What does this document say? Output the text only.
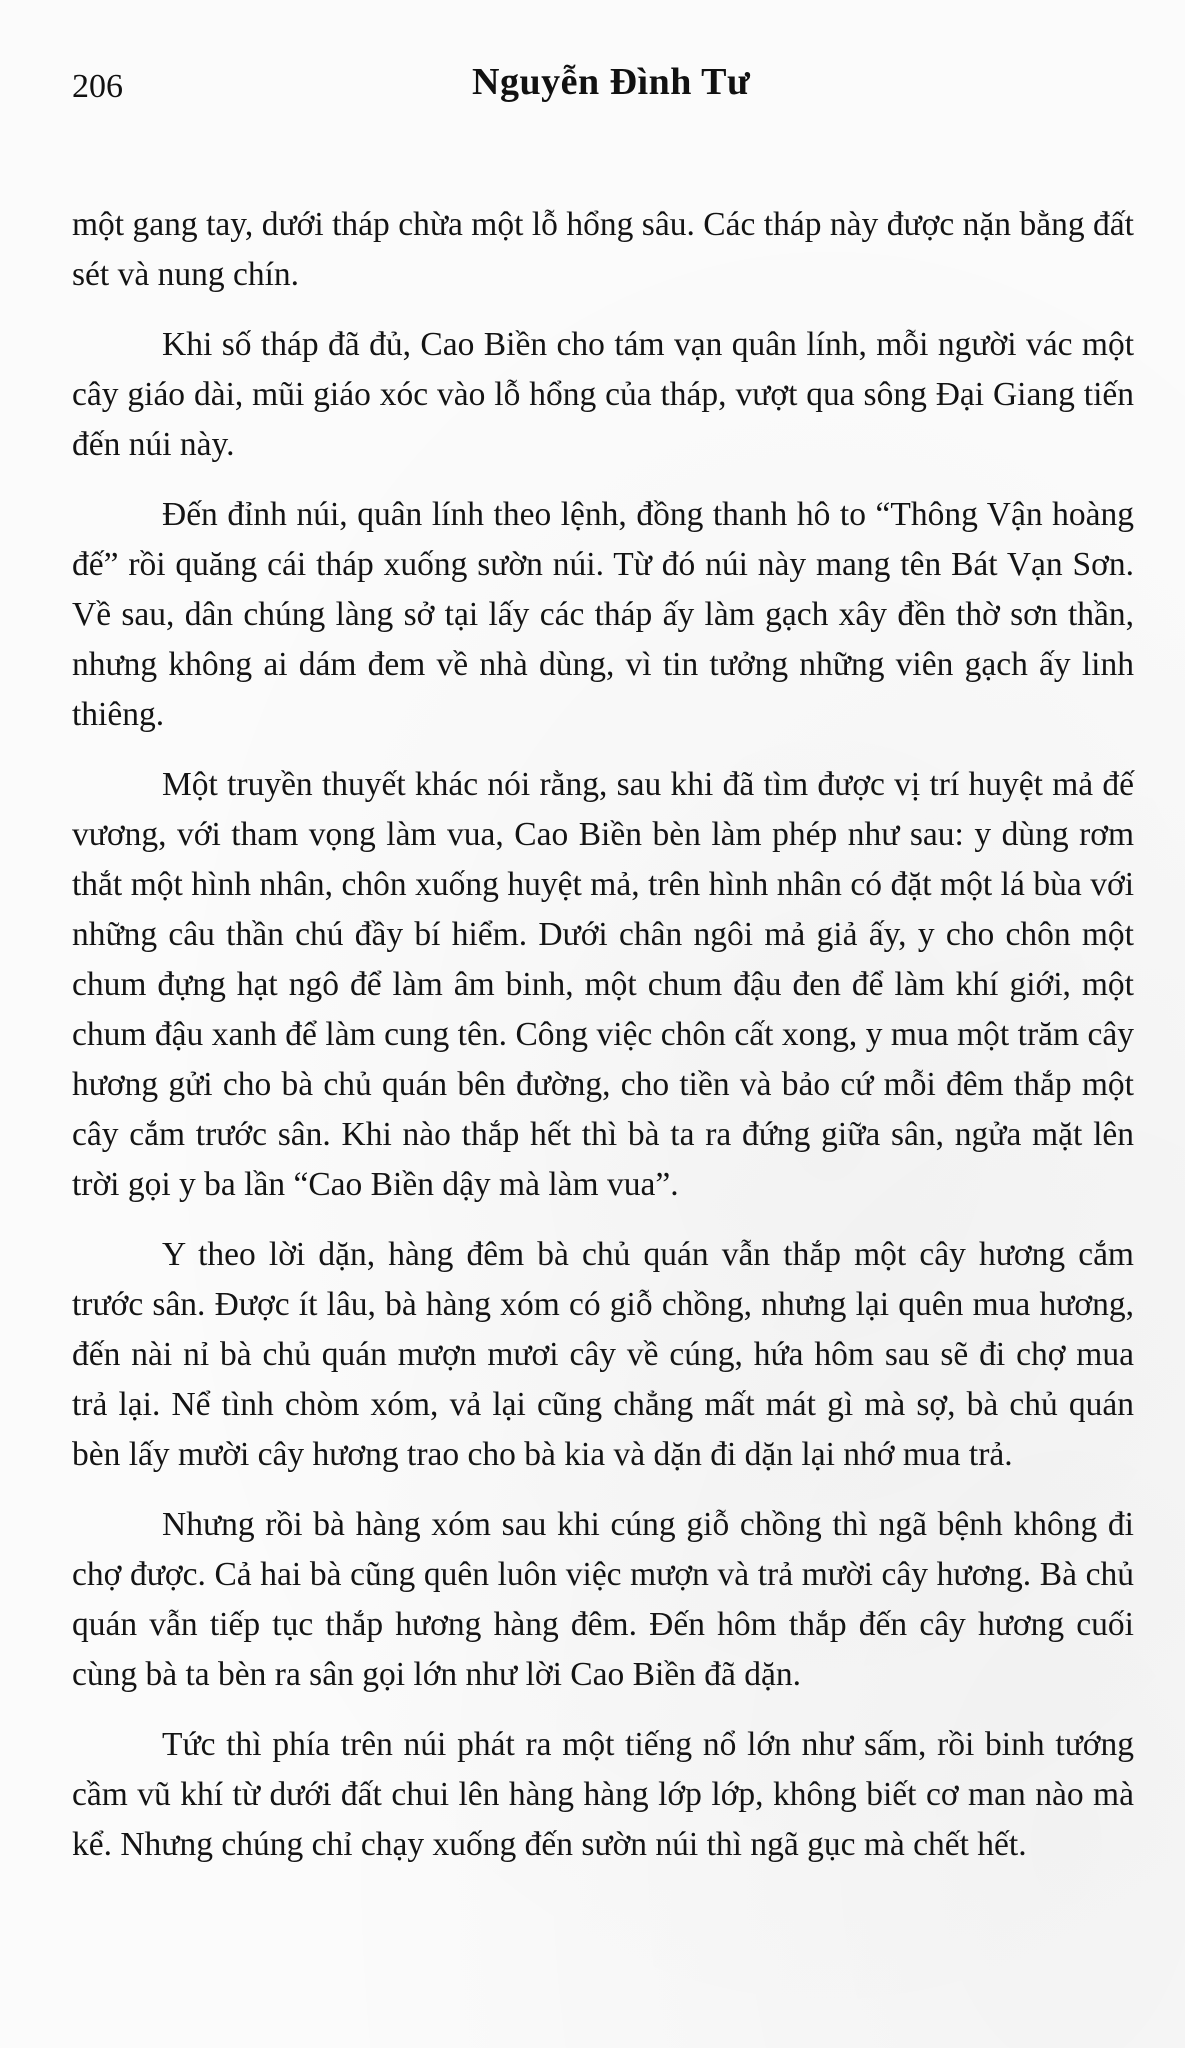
206	Nguyễn Đình Tư

một gang tay, dưới tháp chừa một lỗ hổng sâu. Các tháp này được nặn bằng đất sét và nung chín.

Khi số tháp đã đủ, Cao Biền cho tám vạn quân lính, mỗi người vác một cây giáo dài, mũi giáo xóc vào lỗ hổng của tháp, vượt qua sông Đại Giang tiến đến núi này.

Đến đỉnh núi, quân lính theo lệnh, đồng thanh hô to “Thông Vận hoàng đế” rồi quăng cái tháp xuống sườn núi. Từ đó núi này mang tên Bát Vạn Sơn. Về sau, dân chúng làng sở tại lấy các tháp ấy làm gạch xây đền thờ sơn thần, nhưng không ai dám đem về nhà dùng, vì tin tưởng những viên gạch ấy linh thiêng.

Một truyền thuyết khác nói rằng, sau khi đã tìm được vị trí huyệt mả đế vương, với tham vọng làm vua, Cao Biền bèn làm phép như sau: y dùng rơm thắt một hình nhân, chôn xuống huyệt mả, trên hình nhân có đặt một lá bùa với những câu thần chú đầy bí hiểm. Dưới chân ngôi mả giả ấy, y cho chôn một chum đựng hạt ngô để làm âm binh, một chum đậu đen để làm khí giới, một chum đậu xanh để làm cung tên. Công việc chôn cất xong, y mua một trăm cây hương gửi cho bà chủ quán bên đường, cho tiền và bảo cứ mỗi đêm thắp một cây cắm trước sân. Khi nào thắp hết thì bà ta ra đứng giữa sân, ngửa mặt lên trời gọi y ba lần “Cao Biền dậy mà làm vua”.

Y theo lời dặn, hàng đêm bà chủ quán vẫn thắp một cây hương cắm trước sân. Được ít lâu, bà hàng xóm có giỗ chồng, nhưng lại quên mua hương, đến nài nỉ bà chủ quán mượn mươi cây về cúng, hứa hôm sau sẽ đi chợ mua trả lại. Nể tình chòm xóm, vả lại cũng chẳng mất mát gì mà sợ, bà chủ quán bèn lấy mười cây hương trao cho bà kia và dặn đi dặn lại nhớ mua trả.

Nhưng rồi bà hàng xóm sau khi cúng giỗ chồng thì ngã bệnh không đi chợ được. Cả hai bà cũng quên luôn việc mượn và trả mười cây hương. Bà chủ quán vẫn tiếp tục thắp hương hàng đêm. Đến hôm thắp đến cây hương cuối cùng bà ta bèn ra sân gọi lớn như lời Cao Biền đã dặn.

Tức thì phía trên núi phát ra một tiếng nổ lớn như sấm, rồi binh tướng cầm vũ khí từ dưới đất chui lên hàng hàng lớp lớp, không biết cơ man nào mà kể. Nhưng chúng chỉ chạy xuống đến sườn núi thì ngã gục mà chết hết.
